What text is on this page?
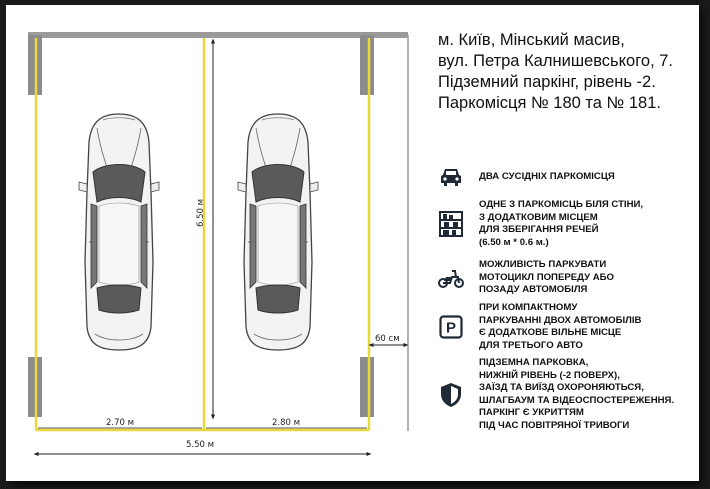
6.50 м
2.70 м	2.80 м
5.50 м
60 см
м. Київ, Мінський масив,
вул. Петра Калнишевського, 7.
Підземний паркінг, рівень -2.
Паркомісця № 180 та № 181.
ДВА СУСІДНІХ ПАРКОМІСЦЯ
ОДНЕ З ПАРКОМІСЦЬ БІЛЯ СТІНИ,
З ДОДАТКОВИМ МІСЦЕМ
ДЛЯ ЗБЕРІГАННЯ РЕЧЕЙ
(6.50 м * 0.6 м.)
МОЖЛИВІСТЬ ПАРКУВАТИ
МОТОЦИКЛ ПОПЕРЕДУ АБО
ПОЗАДУ АВТОМОБІЛЯ
P
ПРИ КОМПАКТНОМУ
ПАРКУВАННІ ДВОХ АВТОМОБІЛІВ
Є ДОДАТКОВЕ ВІЛЬНЕ МІСЦЕ
ДЛЯ ТРЕТЬОГО АВТО
ПІДЗЕМНА ПАРКОВКА,
НИЖНІЙ РІВЕНЬ (-2 ПОВЕРХ),
ЗАЇЗД ТА ВИЇЗД ОХОРОНЯЮТЬСЯ,
ШЛАГБАУМ ТА ВІДЕОСПОСТЕРЕЖЕННЯ.
ПАРКІНГ Є УКРИТТЯМ
ПІД ЧАС ПОВІТРЯНОЇ ТРИВОГИ
